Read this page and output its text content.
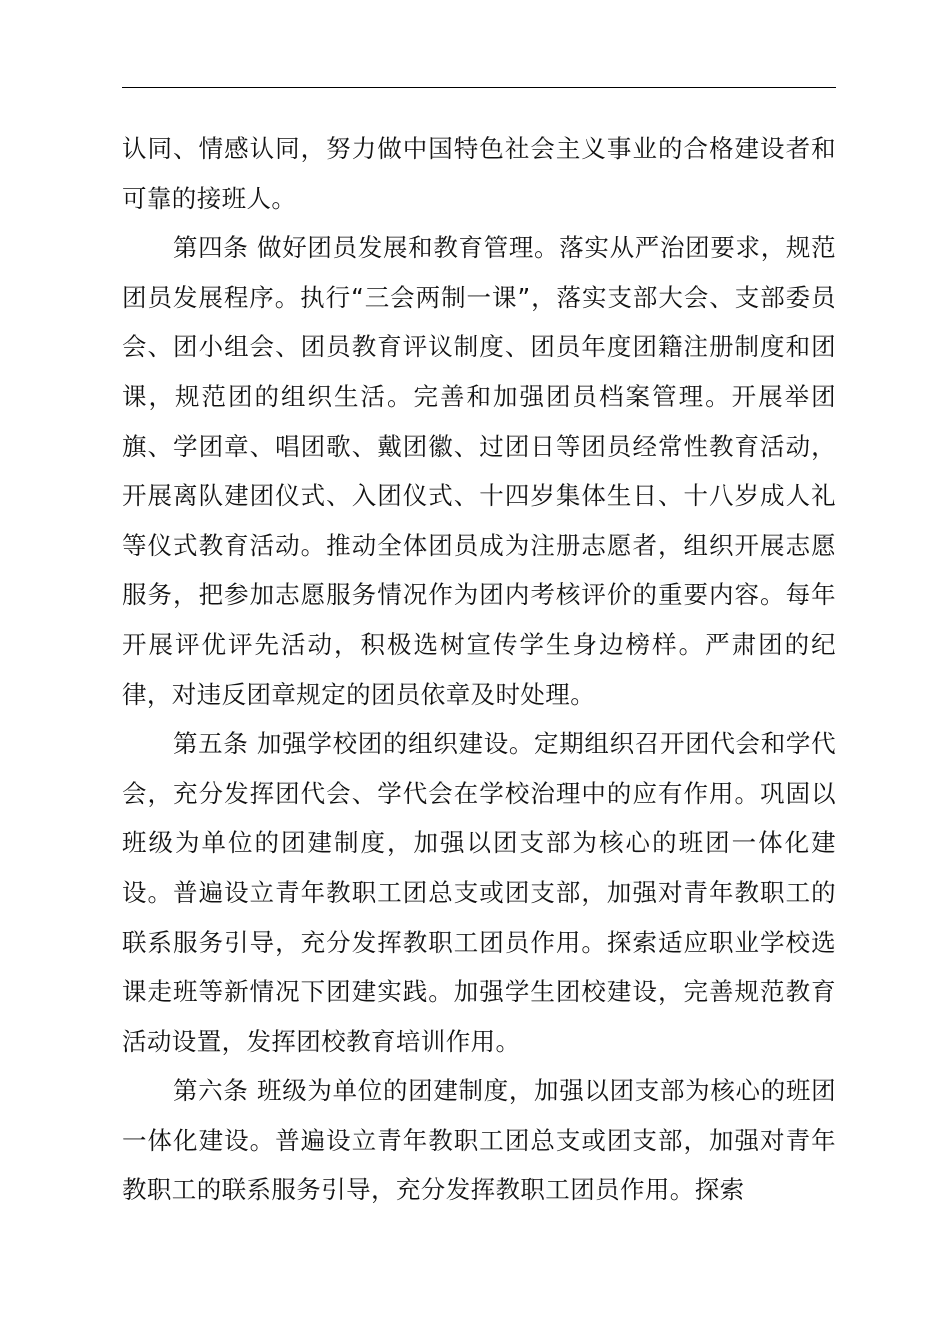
认同、情感认同，努力做中国特色社会主义事业的合格建设者和可靠的接班人。

第四条 做好团员发展和教育管理。落实从严治团要求，规范团员发展程序。执行“三会两制一课”，落实支部大会、支部委员会、团小组会、团员教育评议制度、团员年度团籍注册制度和团课，规范团的组织生活。完善和加强团员档案管理。开展举团旗、学团章、唱团歌、戴团徽、过团日等团员经常性教育活动，开展离队建团仪式、入团仪式、十四岁集体生日、十八岁成人礼等仪式教育活动。推动全体团员成为注册志愿者，组织开展志愿服务，把参加志愿服务情况作为团内考核评价的重要内容。每年开展评优评先活动，积极选树宣传学生身边榜样。严肃团的纪律，对违反团章规定的团员依章及时处理。

第五条 加强学校团的组织建设。定期组织召开团代会和学代会，充分发挥团代会、学代会在学校治理中的应有作用。巩固以班级为单位的团建制度，加强以团支部为核心的班团一体化建设。普遍设立青年教职工团总支或团支部，加强对青年教职工的联系服务引导，充分发挥教职工团员作用。探索适应职业学校选课走班等新情况下团建实践。加强学生团校建设，完善规范教育活动设置，发挥团校教育培训作用。

第六条 班级为单位的团建制度，加强以团支部为核心的班团一体化建设。普遍设立青年教职工团总支或团支部，加强对青年教职工的联系服务引导，充分发挥教职工团员作用。探索
